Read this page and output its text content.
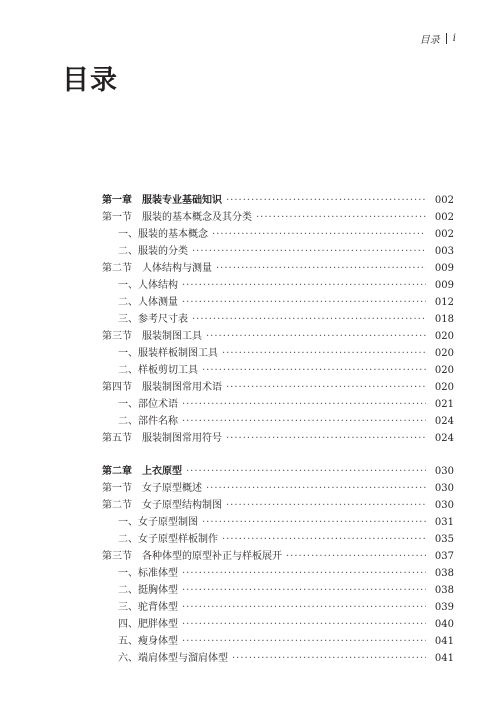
目录 i
目录
第一章	服装专业基础知识 ·····	002
第一节	服装的基本概念及其分类 ·····	002
一、 服装的基本概念 ·····	002
二、 服装的分类 ·····	003
第二节	人体结构与测量 ·····	009
一、 人体结构 ·····	009
二、 人体测量 ·····	012
三、 参考尺寸表 ·····	018
第三节	服装制图工具 ·····	020
一、 服装样板制图工具 ·····	020
二、 样板剪切工具 ·····	020
第四节	服装制图常用术语 ·····	020
一、 部位术语 ·····	021
二、 部件名称 ·····	024
第五节	服装制图常用符号 ·····	024
第二章	上衣原型 ·····	030
第一节	女子原型概述 ·····	030
第二节	女子原型结构制图 ·····	030
一、 女子原型制图 ·····	031
二、 女子原型样板制作 ·····	035
第三节	各种体型的原型补正与样板展开 ·····	037
一、 标准体型 ·····	038
二、 挺胸体型 ·····	038
三、 驼背体型 ·····	039
四、 肥胖体型 ·····	040
五、 瘦身体型 ·····	041
六、 端肩体型与溜肩体型 ·····	041
